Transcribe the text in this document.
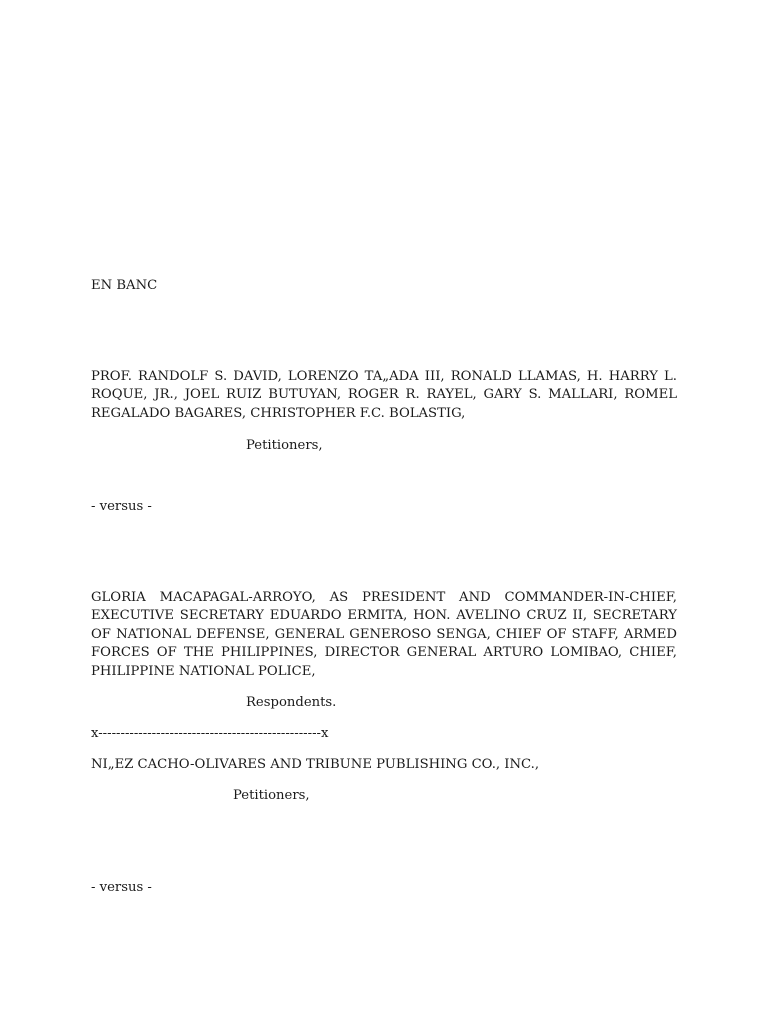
EN BANC

PROF. RANDOLF S. DAVID, LORENZO TA„ADA III, RONALD LLAMAS, H. HARRY L. ROQUE, JR., JOEL RUIZ BUTUYAN, ROGER R. RAYEL, GARY S. MALLARI, ROMEL REGALADO BAGARES, CHRISTOPHER F.C. BOLASTIG,

Petitioners,

- versus -

GLORIA MACAPAGAL-ARROYO, AS PRESIDENT AND COMMANDER-IN-CHIEF, EXECUTIVE SECRETARY EDUARDO ERMITA, HON. AVELINO CRUZ II, SECRETARY OF NATIONAL DEFENSE, GENERAL GENEROSO SENGA, CHIEF OF STAFF, ARMED FORCES OF THE PHILIPPINES, DIRECTOR GENERAL ARTURO LOMIBAO, CHIEF, PHILIPPINE NATIONAL POLICE,

Respondents.

x--------------------------------------------------x

NI„EZ CACHO-OLIVARES AND TRIBUNE PUBLISHING CO., INC.,

Petitioners,

- versus -
